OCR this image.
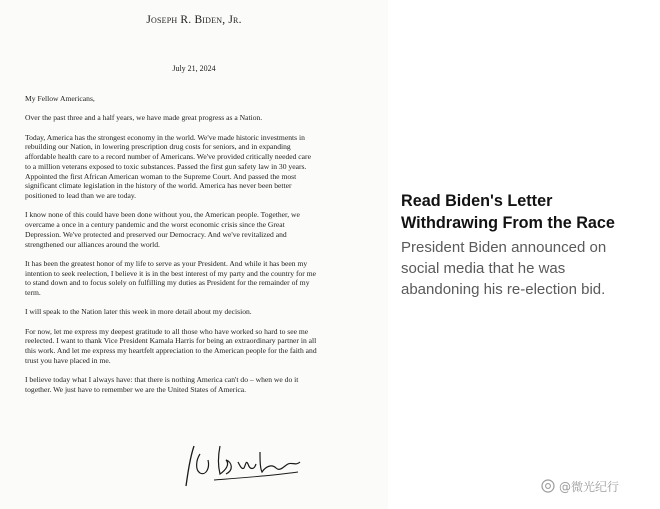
Joseph R. Biden, Jr.
July 21, 2024

My Fellow Americans,

Over the past three and a half years, we have made great progress as a Nation.

Today, America has the strongest economy in the world. We've made historic investments in
rebuilding our Nation, in lowering prescription drug costs for seniors, and in expanding
affordable health care to a record number of Americans. We've provided critically needed care
to a million veterans exposed to toxic substances. Passed the first gun safety law in 30 years.
Appointed the first African American woman to the Supreme Court. And passed the most
significant climate legislation in the history of the world. America has never been better
positioned to lead than we are today.

I know none of this could have been done without you, the American people. Together, we
overcame a once in a century pandemic and the worst economic crisis since the Great
Depression. We've protected and preserved our Democracy. And we've revitalized and
strengthened our alliances around the world.

It has been the greatest honor of my life to serve as your President. And while it has been my
intention to seek reelection, I believe it is in the best interest of my party and the country for me
to stand down and to focus solely on fulfilling my duties as President for the remainder of my
term.

I will speak to the Nation later this week in more detail about my decision.

For now, let me express my deepest gratitude to all those who have worked so hard to see me
reelected. I want to thank Vice President Kamala Harris for being an extraordinary partner in all
this work. And let me express my heartfelt appreciation to the American people for the faith and
trust you have placed in me.

I believe today what I always have: that there is nothing America can't do – when we do it
together. We just have to remember we are the United States of America.

Read Biden's Letter
Withdrawing From the Race
President Biden announced on
social media that he was
abandoning his re-election bid.
@微光纪行
